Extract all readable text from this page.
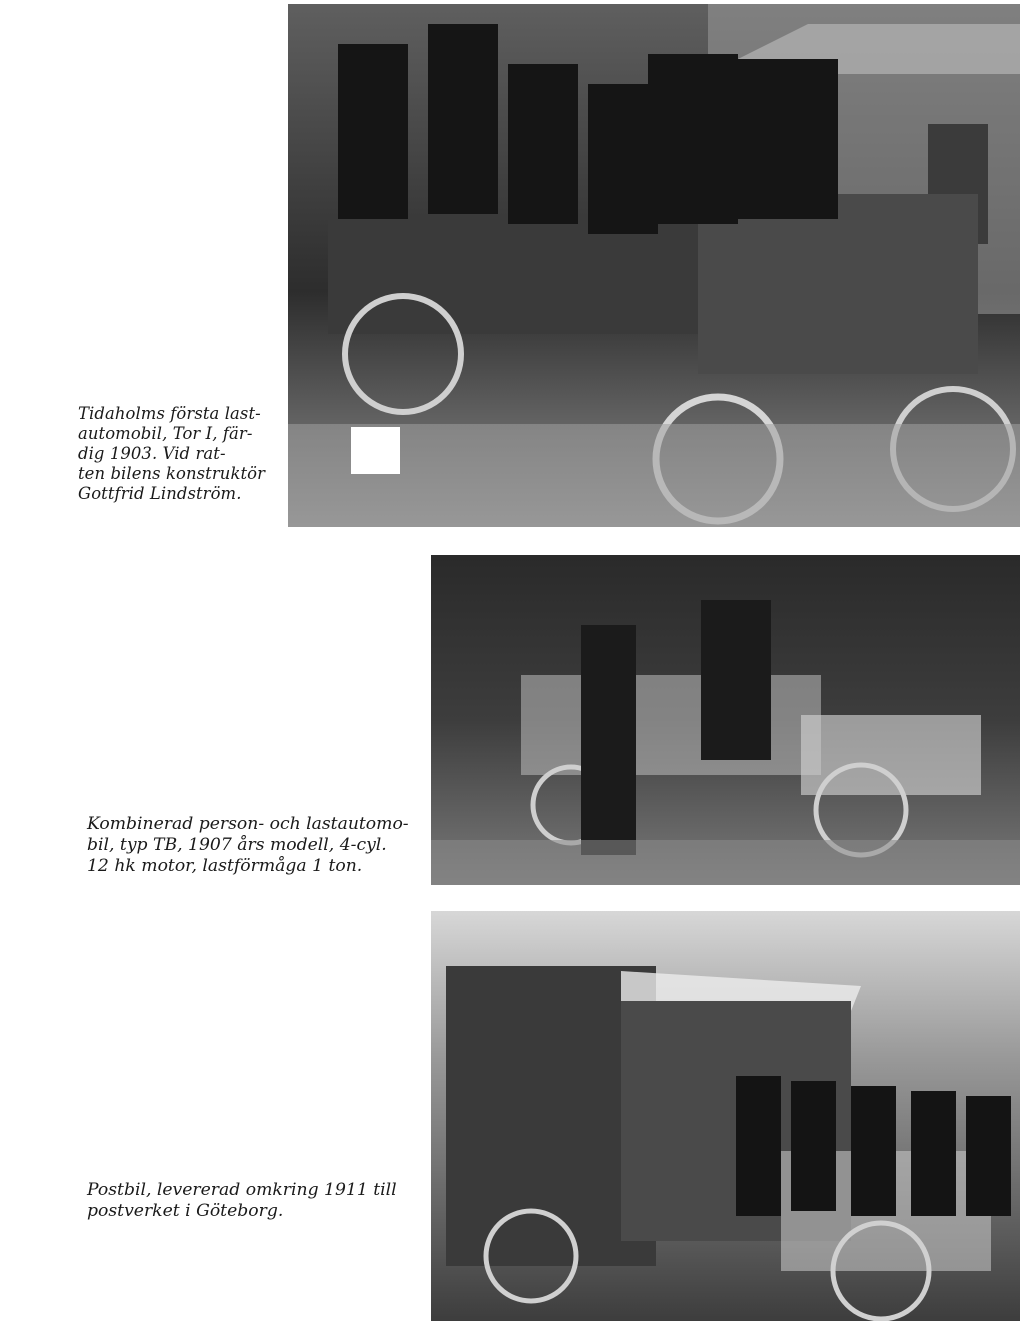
Tidaholms första last-
automobil, Tor I, fär-
dig 1903. Vid rat-
ten bilens konstruktör
Gottfrid Lindström.

Kombinerad person- och lastautomo-
bil, typ TB, 1907 års modell, 4-cyl.
12 hk motor, lastförmåga 1 ton.

Postbil, levererad omkring 1911 till
postverket i Göteborg.
